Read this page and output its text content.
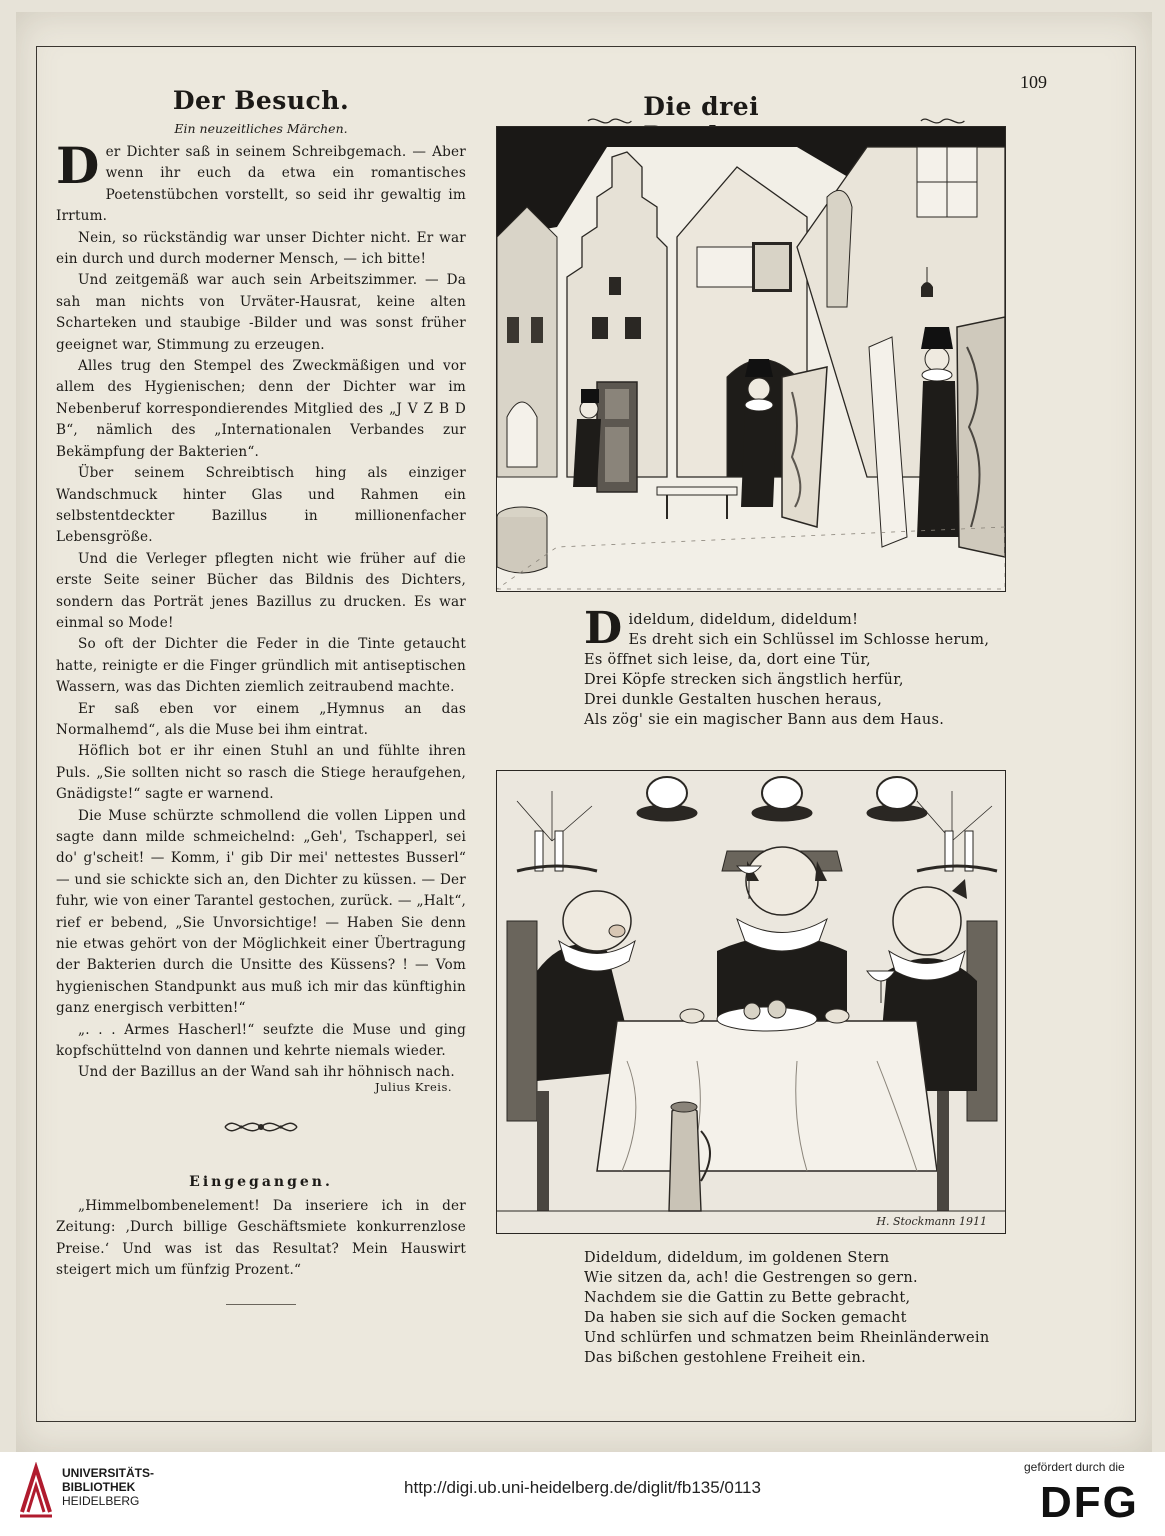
109
Der Besuch.
Ein neuzeitliches Märchen.

Der Dichter saß in seinem Schreibgemach. — Aber wenn ihr euch da etwa ein romantisches Poetenstübchen vorstellt, so seid ihr gewaltig im Irrtum.

Nein, so rückständig war unser Dichter nicht. Er war ein durch und durch moderner Mensch, — ich bitte!

Und zeitgemäß war auch sein Arbeitszimmer. — Da sah man nichts von Urväter-Hausrat, keine alten Scharteken und staubige -Bilder und was sonst früher geeignet war, Stimmung zu erzeugen.

Alles trug den Stempel des Zweckmäßigen und vor allem des Hygienischen; denn der Dichter war im Nebenberuf korrespondierendes Mitglied des „J V Z B D B“, nämlich des „Internationalen Verbandes zur Bekämpfung der Bakterien“.

Über seinem Schreibtisch hing als einziger Wandschmuck hinter Glas und Rahmen ein selbstentdeckter Bazillus in millionenfacher Lebensgröße.

Und die Verleger pflegten nicht wie früher auf die erste Seite seiner Bücher das Bildnis des Dichters, sondern das Porträt jenes Bazillus zu drucken. Es war einmal so Mode!

So oft der Dichter die Feder in die Tinte getaucht hatte, reinigte er die Finger gründlich mit antiseptischen Wassern, was das Dichten ziemlich zeitraubend machte.

Er saß eben vor einem „Hymnus an das Normalhemd“, als die Muse bei ihm eintrat.

Höflich bot er ihr einen Stuhl an und fühlte ihren Puls. „Sie sollten nicht so rasch die Stiege heraufgehen, Gnädigste!“ sagte er warnend.

Die Muse schürzte schmollend die vollen Lippen und sagte dann milde schmeichelnd: „Geh', Tschapperl, sei do' g'scheit! — Komm, i' gib Dir mei' nettestes Busserl“ — und sie schickte sich an, den Dichter zu küssen. — Der fuhr, wie von einer Tarantel gestochen, zurück. — „Halt“, rief er bebend, „Sie Unvorsichtige! — Haben Sie denn nie etwas gehört von der Möglichkeit einer Übertragung der Bakterien durch die Unsitte des Küssens? ! — Vom hygienischen Standpunkt aus muß ich mir das künftighin ganz energisch verbitten!“

„. . . Armes Hascherl!“ seufzte die Muse und ging kopfschüttelnd von dannen und kehrte niemals wieder.

Und der Bazillus an der Wand sah ihr höhnisch nach.

Julius Kreis.
Eingegangen.

„Himmelbombenelement! Da inseriere ich in der Zeitung: ‚Durch billige Geschäftsmiete konkurrenzlose Preise.‘ Und was ist das Resultat? Mein Hauswirt steigert mich um fünfzig Prozent.“

Die drei
D ideldum, dideldum, dideldum!
Es dreht sich ein Schlüssel im Schlosse herum,
Es öffnet sich leise, da, dort eine Tür,
Drei Köpfe strecken sich ängstlich herfür,
Drei dunkle Gestalten huschen heraus,
Als zög' sie ein magischer Bann aus dem Haus.
H. Stockmann 1911
Dideldum, dideldum, im goldenen Stern
Wie sitzen da, ach! die Gestrengen so gern.
Nachdem sie die Gattin zu Bette gebracht,
Da haben sie sich auf die Socken gemacht
Und schlürfen und schmatzen beim Rheinländerwein
Das bißchen gestohlene Freiheit ein.
UNIVERSITÄTS-
BIBLIOTHEK
HEIDELBERG
http://digi.ub.uni-heidelberg.de/diglit/fb135/0113
gefördert durch die
DFG
